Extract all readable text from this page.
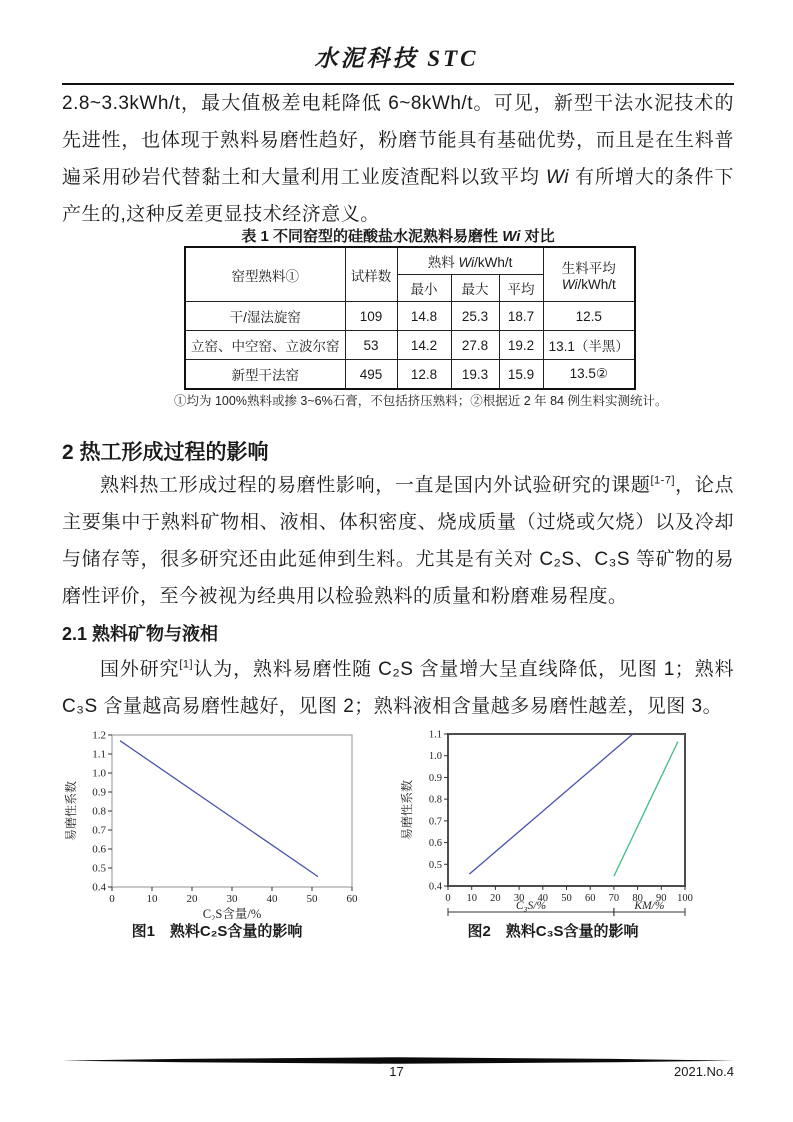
水泥科技 STC
2.8~3.3kWh/t，最大值极差电耗降低 6~8kWh/t。可见，新型干法水泥技术的先进性，也体现于熟料易磨性趋好，粉磨节能具有基础优势，而且是在生料普遍采用砂岩代替黏土和大量利用工业废渣配料以致平均 Wi 有所增大的条件下产生的,这种反差更显技术经济意义。
表 1 不同窑型的硅酸盐水泥熟料易磨性 Wi 对比
窑型熟料①	试样数	熟料 Wi/kWh/t			生料平均
Wi/kWh/t

		最小	最大	平均	
干/湿法旋窑	109	14.8	25.3	18.7	12.5
立窑、中空窑、立波尔窑	53	14.2	27.8	19.2	13.1（半黑）
新型干法窑	495	12.8	19.3	15.9	13.5②
①均为 100%熟料或掺 3~6%石膏，不包括挤压熟料；②根据近 2 年 84 例生料实测统计。
2 热工形成过程的影响
熟料热工形成过程的易磨性影响，一直是国内外试验研究的课题[1-7]，论点主要集中于熟料矿物相、液相、体积密度、烧成质量（过烧或欠烧）以及冷却与储存等，很多研究还由此延伸到生料。尤其是有关对 C₂S、C₃S 等矿物的易磨性评价，至今被视为经典用以检验熟料的质量和粉磨难易程度。
2.1 熟料矿物与液相
国外研究[1]认为，熟料易磨性随 C₂S 含量增大呈直线降低，见图 1；熟料 C₃S 含量越高易磨性越好，见图 2；熟料液相含量越多易磨性越差，见图 3。
0.4
0.5
0.6
0.7
0.8
0.9
1.0
1.1
1.2
0	10	20	30	40	50	60
易磨性系数
C₂S含量/%
0.4
0.5
0.6
0.7
0.8
0.9
1.0
1.1
0 10 20 30 40 50 60 70 80 90 100
易磨性系数
C₃S/%	KM/%
图1　熟料C₂S含量的影响	图2　熟料C₃S含量的影响
17	2021.No.4
